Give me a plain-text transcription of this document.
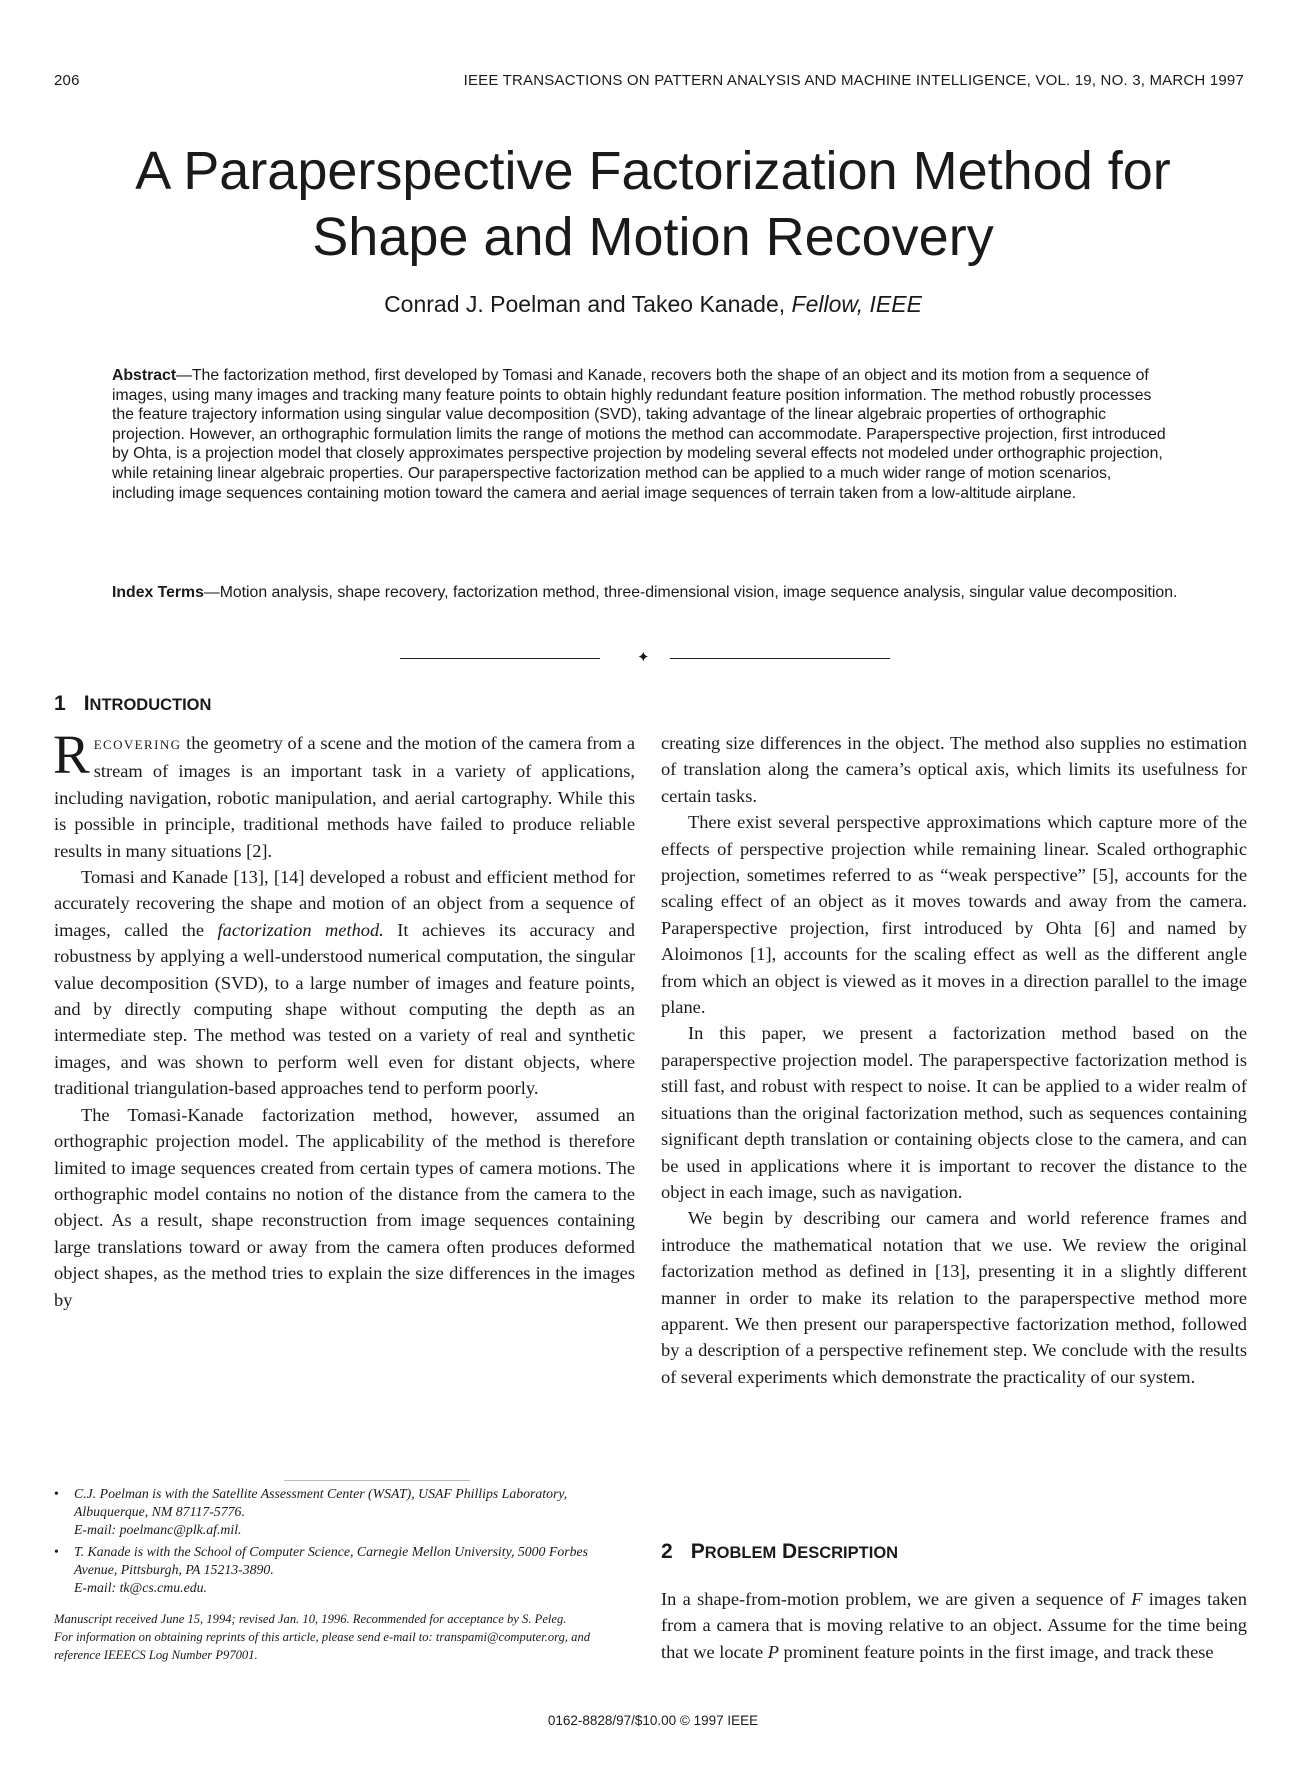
206	IEEE TRANSACTIONS ON PATTERN ANALYSIS AND MACHINE INTELLIGENCE, VOL. 19, NO. 3, MARCH 1997
A Paraperspective Factorization Method for
Shape and Motion Recovery
Conrad J. Poelman and Takeo Kanade, Fellow, IEEE

Abstract—The factorization method, first developed by Tomasi and Kanade, recovers both the shape of an object and its motion from a sequence of images, using many images and tracking many feature points to obtain highly redundant feature position information. The method robustly processes the feature trajectory information using singular value decomposition (SVD), taking advantage of the linear algebraic properties of orthographic projection. However, an orthographic formulation limits the range of motions the method can accommodate. Paraperspective projection, first introduced by Ohta, is a projection model that closely approximates perspective projection by modeling several effects not modeled under orthographic projection, while retaining linear algebraic properties. Our paraperspective factorization method can be applied to a much wider range of motion scenarios, including image sequences containing motion toward the camera and aerial image sequences of terrain taken from a low-altitude airplane.

Index Terms—Motion analysis, shape recovery, factorization method, three-dimensional vision, image sequence analysis, singular value decomposition.

✦
1 INTRODUCTION

RECOVERING the geometry of a scene and the motion of the camera from a stream of images is an important task in a variety of applications, including navigation, robotic manipulation, and aerial cartography. While this is possible in principle, traditional methods have failed to produce reliable results in many situations [2].

Tomasi and Kanade [13], [14] developed a robust and efficient method for accurately recovering the shape and motion of an object from a sequence of images, called the factorization method. It achieves its accuracy and robustness by applying a well-understood numerical computation, the singular value decomposition (SVD), to a large number of images and feature points, and by directly computing shape without computing the depth as an intermediate step. The method was tested on a variety of real and synthetic images, and was shown to perform well even for distant objects, where traditional triangulation-based approaches tend to perform poorly.

The Tomasi-Kanade factorization method, however, assumed an orthographic projection model. The applicability of the method is therefore limited to image sequences created from certain types of camera motions. The orthographic model contains no notion of the distance from the camera to the object. As a result, shape reconstruction from image sequences containing large translations toward or away from the camera often produces deformed object shapes, as the method tries to explain the size differences in the images by

• C.J. Poelman is with the Satellite Assessment Center (WSAT), USAF Phillips Laboratory, Albuquerque, NM 87117-5776.
E-mail: poelmanc@plk.af.mil.

• T. Kanade is with the School of Computer Science, Carnegie Mellon University, 5000 Forbes Avenue, Pittsburgh, PA 15213-3890.
E-mail: tk@cs.cmu.edu.

Manuscript received June 15, 1994; revised Jan. 10, 1996. Recommended for acceptance by S. Peleg.
For information on obtaining reprints of this article, please send e-mail to: transpami@computer.org, and reference IEEECS Log Number P97001.

creating size differences in the object. The method also supplies no estimation of translation along the camera’s optical axis, which limits its usefulness for certain tasks.

There exist several perspective approximations which capture more of the effects of perspective projection while remaining linear. Scaled orthographic projection, sometimes referred to as “weak perspective” [5], accounts for the scaling effect of an object as it moves towards and away from the camera. Paraperspective projection, first introduced by Ohta [6] and named by Aloimonos [1], accounts for the scaling effect as well as the different angle from which an object is viewed as it moves in a direction parallel to the image plane.

In this paper, we present a factorization method based on the paraperspective projection model. The paraperspective factorization method is still fast, and robust with respect to noise. It can be applied to a wider realm of situations than the original factorization method, such as sequences containing significant depth translation or containing objects close to the camera, and can be used in applications where it is important to recover the distance to the object in each image, such as navigation.

We begin by describing our camera and world reference frames and introduce the mathematical notation that we use. We review the original factorization method as defined in [13], presenting it in a slightly different manner in order to make its relation to the paraperspective method more apparent. We then present our paraperspective factorization method, followed by a description of a perspective refinement step. We conclude with the results of several experiments which demonstrate the practicality of our system.

2 PROBLEM DESCRIPTION

In a shape-from-motion problem, we are given a sequence of F images taken from a camera that is moving relative to an object. Assume for the time being that we locate P prominent feature points in the first image, and track these

0162-8828/97/$10.00 © 1997 IEEE
